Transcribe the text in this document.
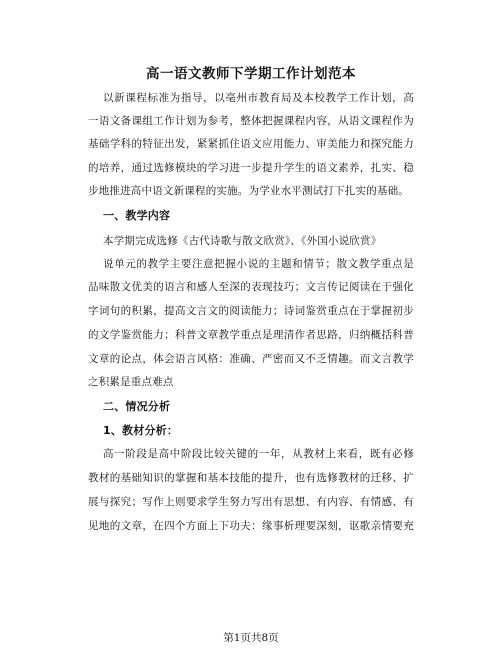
高一语文教师下学期工作计划范本
以新课程标准为指导，以亳州市教育局及本校教学工作计划，高
一语文备课组工作计划为参考，整体把握课程内容，从语文课程作为
基础学科的特征出发，紧紧抓住语文应用能力、审美能力和探究能力
的培养，通过选修模块的学习进一步提升学生的语文素养，扎实、稳
步地推进高中语文新课程的实施。为学业水平测试打下扎实的基础。
一、教学内容
本学期完成选修《古代诗歌与散文欣赏》、《外国小说欣赏》
说单元的教学主要注意把握小说的主题和情节；散文教学重点是
品味散文优美的语言和感人至深的表现技巧；文言传记阅读在于强化
字词句的积累，提高文言文的阅读能力；诗词鉴赏重点在于掌握初步
的文学鉴赏能力；科普文章教学重点是理清作者思路，归纳概括科普
文章的论点，体会语言风格：准确、严密而又不乏情趣。而文言教学
之积累是重点难点
二、情况分析
1、教材分析：
高一阶段是高中阶段比较关键的一年，从教材上来看，既有必修
教材的基础知识的掌握和基本技能的提升，也有选修教材的迁移、扩
展与探究；写作上则要求学生努力写出有思想、有内容、有情感、有
见地的文章，在四个方面上下功夫：缘事析理要深刻，讴歌亲情要充
第1页共8页
